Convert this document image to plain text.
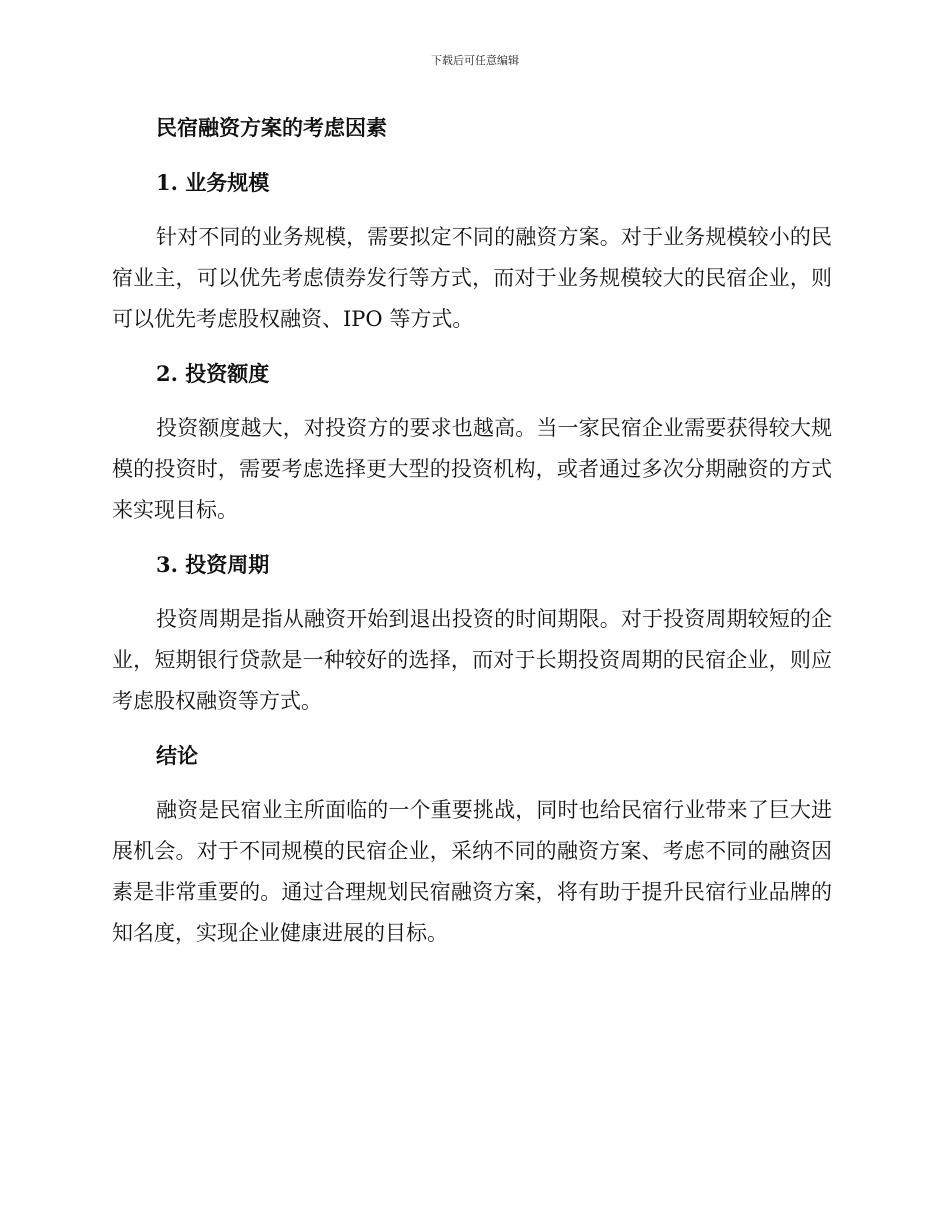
下载后可任意编辑
民宿融资方案的考虑因素
1. 业务规模

针对不同的业务规模，需要拟定不同的融资方案。对于业务规模较小的民宿业主，可以优先考虑债券发行等方式，而对于业务规模较大的民宿企业，则可以优先考虑股权融资、IPO 等方式。

2. 投资额度

投资额度越大，对投资方的要求也越高。当一家民宿企业需要获得较大规模的投资时，需要考虑选择更大型的投资机构，或者通过多次分期融资的方式来实现目标。

3. 投资周期

投资周期是指从融资开始到退出投资的时间期限。对于投资周期较短的企业，短期银行贷款是一种较好的选择，而对于长期投资周期的民宿企业，则应考虑股权融资等方式。

结论

融资是民宿业主所面临的一个重要挑战，同时也给民宿行业带来了巨大进展机会。对于不同规模的民宿企业，采纳不同的融资方案、考虑不同的融资因素是非常重要的。通过合理规划民宿融资方案，将有助于提升民宿行业品牌的知名度，实现企业健康进展的目标。
